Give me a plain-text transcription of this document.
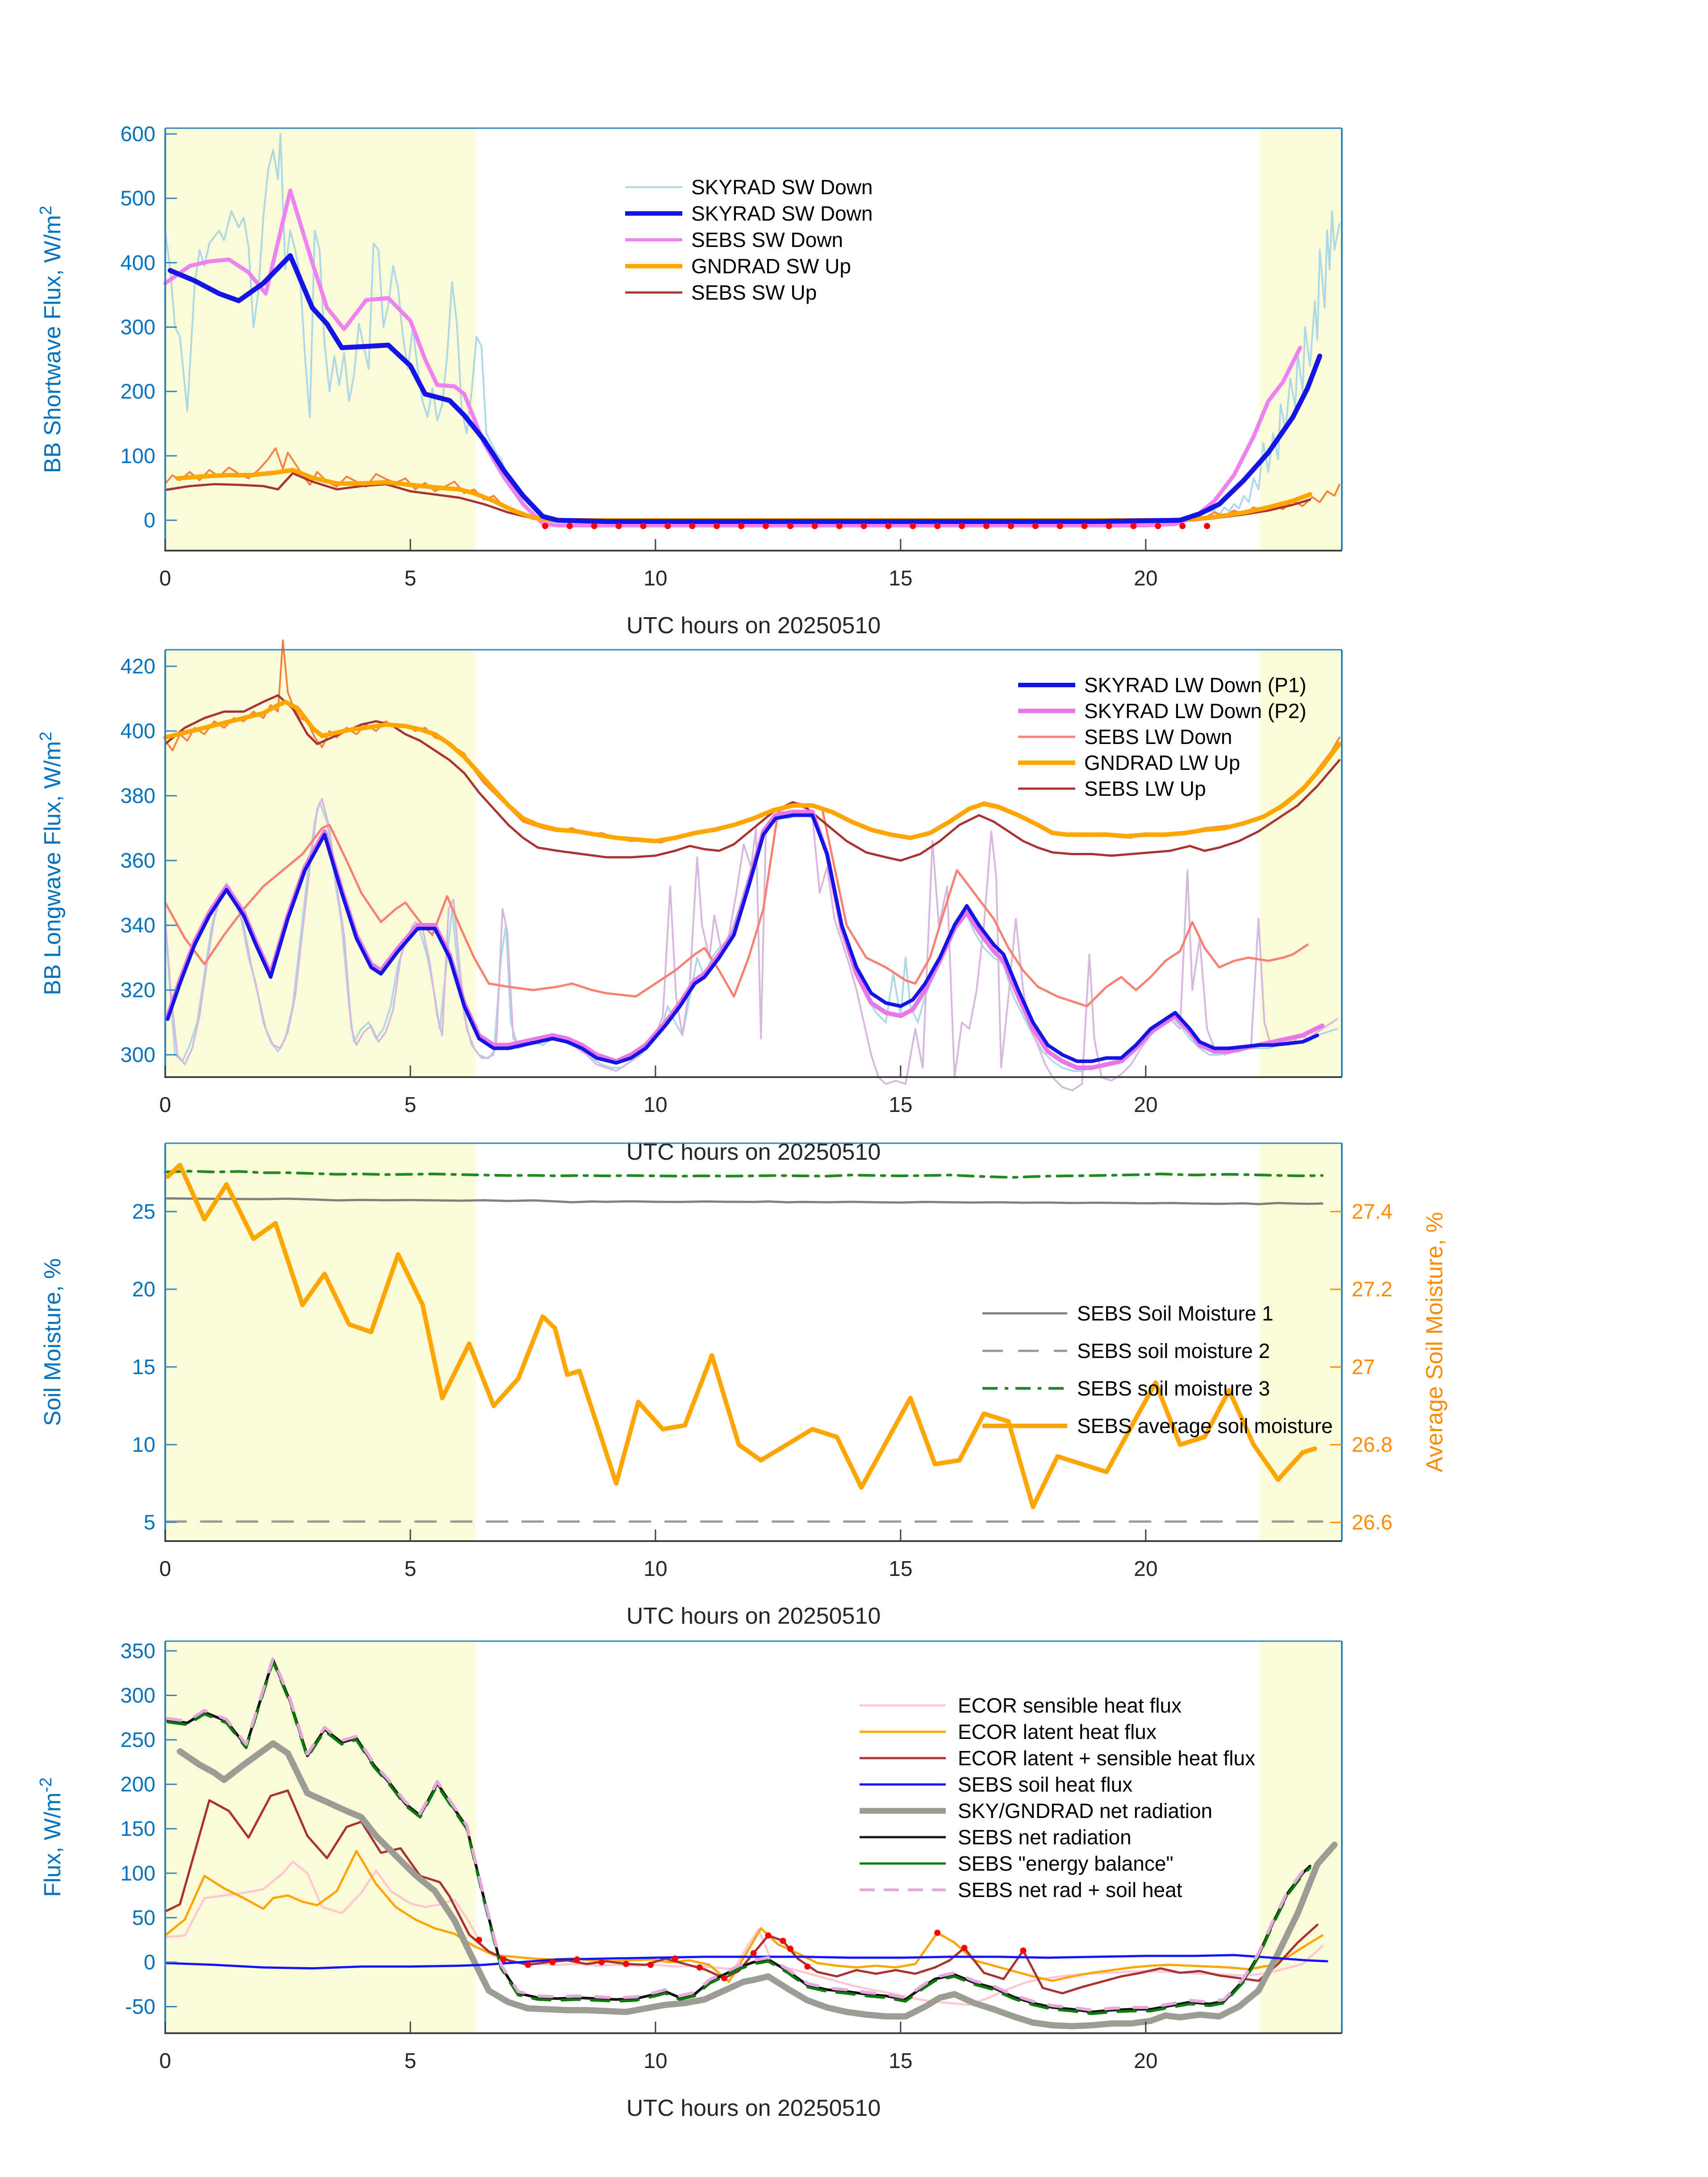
0
100
200
300
400
500
600
0	5	10	15	20
UTC hours on 20250510
BB Shortwave Flux, $W/m^2$
SKYRAD SW Down
SKYRAD SW Down
SEBS SW Down
GNDRAD SW Up
SEBS SW Up
300
320
340
360
380
400
420
0	5	10	15	20
UTC hours on 20250510
BB Longwave Flux, $W/m^2$
SKYRAD LW Down (P1)
SKYRAD LW Down (P2)
SEBS LW Down
GNDRAD LW Up
SEBS LW Up
5
10
15
20
25
26.6
26.8
27
27.2
27.4
0	5	10	15	20
UTC hours on 20250510
Soil Moisture, %	Average Soil Moisture, %
SEBS Soil Moisture 1
SEBS soil moisture 2
SEBS soil moisture 3
SEBS average soil moisture
-50
0
50
100
150
200
250
300
350
0	5	10	15	20
UTC hours on 20250510
Flux, $W/m^{-2}$
ECOR sensible heat flux
ECOR latent heat flux
ECOR latent + sensible heat flux
SEBS soil heat flux
SKY/GNDRAD net radiation
SEBS net radiation
SEBS "energy balance"
SEBS net rad + soil heat
